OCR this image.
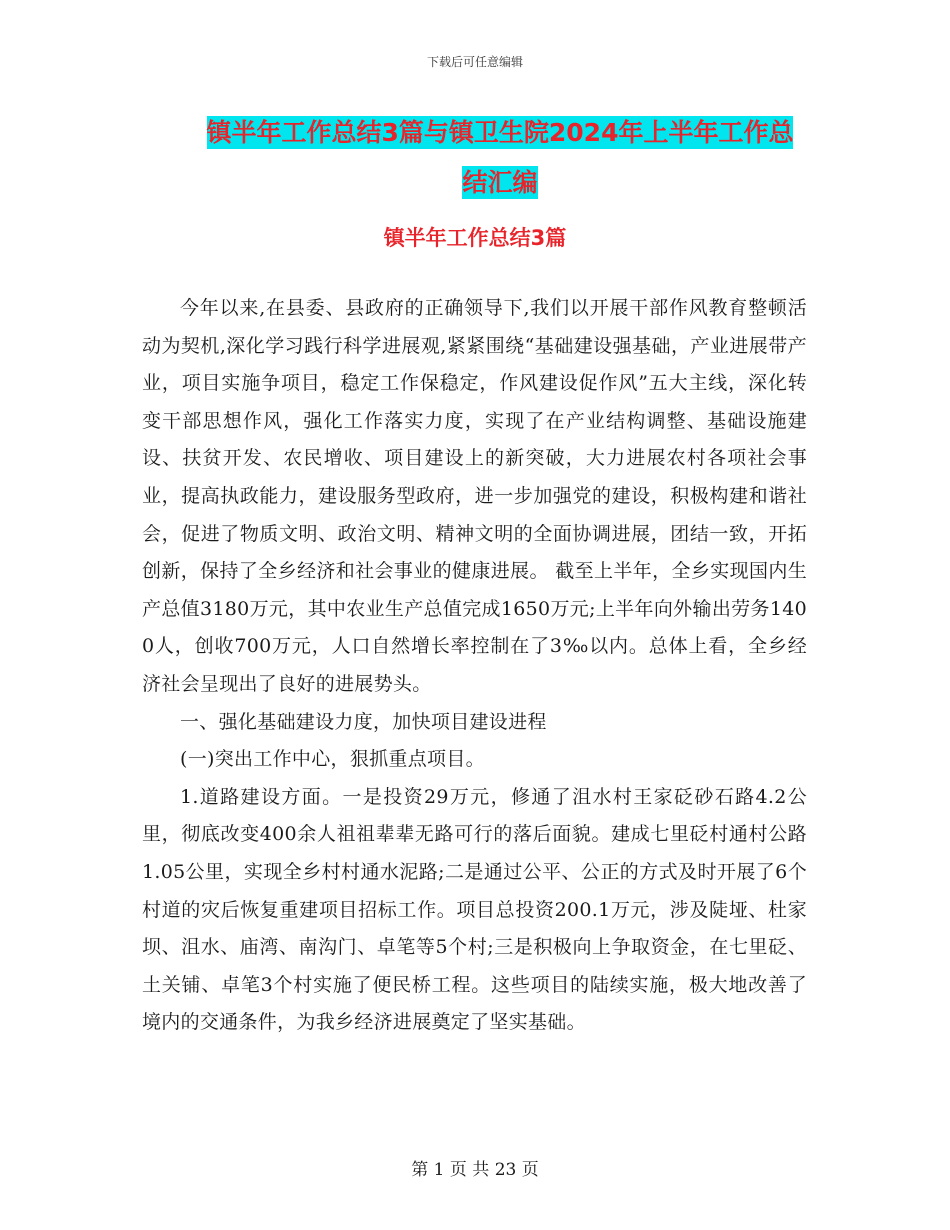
下载后可任意编辑
镇半年工作总结3篇与镇卫生院2024年上半年工作总
结汇编
镇半年工作总结3篇

今年以来,在县委、县政府的正确领导下,我们以开展干部作风教育整顿活动为契机,深化学习践行科学进展观,紧紧围绕“基础建设强基础，产业进展带产业，项目实施争项目，稳定工作保稳定，作风建设促作风”五大主线，深化转变干部思想作风，强化工作落实力度，实现了在产业结构调整、基础设施建设、扶贫开发、农民增收、项目建设上的新突破，大力进展农村各项社会事业，提高执政能力，建设服务型政府，进一步加强党的建设，积极构建和谐社会，促进了物质文明、政治文明、精神文明的全面协调进展，团结一致，开拓创新，保持了全乡经济和社会事业的健康进展。 截至上半年，全乡实现国内生产总值3180万元，其中农业生产总值完成1650万元;上半年向外输出劳务1400人，创收700万元，人口自然增长率控制在了3‰以内。总体上看，全乡经济社会呈现出了良好的进展势头。

一、强化基础建设力度，加快项目建设进程

(一)突出工作中心，狠抓重点项目。

1.道路建设方面。一是投资29万元，修通了沮水村王家砭砂石路4.2公里，彻底改变400余人祖祖辈辈无路可行的落后面貌。建成七里砭村通村公路1.05公里，实现全乡村村通水泥路;二是通过公平、公正的方式及时开展了6个村道的灾后恢复重建项目招标工作。项目总投资200.1万元，涉及陡垭、杜家坝、沮水、庙湾、南沟门、卓笔等5个村;三是积极向上争取资金，在七里砭、土关铺、卓笔3个村实施了便民桥工程。这些项目的陆续实施，极大地改善了境内的交通条件，为我乡经济进展奠定了坚实基础。

第 1 页 共 23 页
